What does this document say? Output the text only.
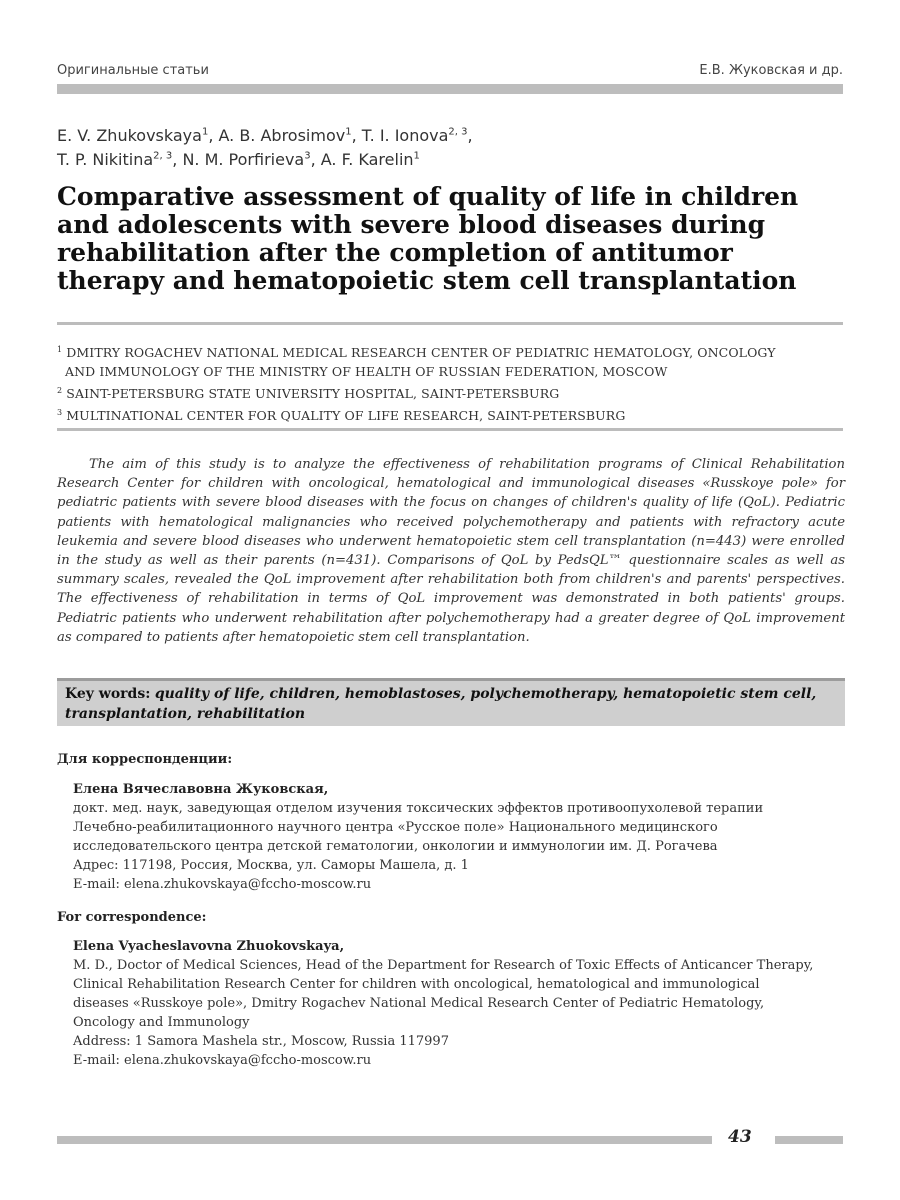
Оригинальные статьи	Е.В. Жуковская и др.
E. V. Zhukovskaya$^1$, A. B. Abrosimov$^1$, T. I. Ionova$^{2, 3}$,
T. P. Nikitina$^{2, 3}$, N. M. Porfirieva$^3$, A. F. Karelin$^1$
Comparative assessment of quality of life in children and adolescents with severe blood diseases during rehabilitation after the completion of antitumor therapy and hematopoietic stem cell transplantation
$^1$ DMITRY ROGACHEV NATIONAL MEDICAL RESEARCH CENTER OF PEDIATRIC HEMATOLOGY, ONCOLOGY
AND IMMUNOLOGY OF THE MINISTRY OF HEALTH OF RUSSIAN FEDERATION, MOSCOW
$^2$ SAINT-PETERSBURG STATE UNIVERSITY HOSPITAL, SAINT-PETERSBURG
$^3$ MULTINATIONAL CENTER FOR QUALITY OF LIFE RESEARCH, SAINT-PETERSBURG

The aim of this study is to analyze the effectiveness of rehabilitation programs of Clinical Rehabilitation Research Center for children with oncological, hematological and immunological diseases «Russkoye pole» for pediatric patients with severe blood diseases with the focus on changes of children's quality of life (QoL). Pediatric patients with hematological malignancies who received polychemotherapy and patients with refractory acute leukemia and severe blood diseases who underwent hematopoietic stem cell transplantation (n=443) were enrolled in the study as well as their parents (n=431). Comparisons of QoL by PedsQL™ questionnaire scales as well as summary scales, revealed the QoL improvement after rehabilitation both from children's and parents' perspectives. The effectiveness of rehabilitation in terms of QoL improvement was demonstrated in both patients' groups. Pediatric patients who underwent rehabilitation after polychemotherapy had a greater degree of QoL improvement as compared to patients after hematopoietic stem cell transplantation.

Key words: quality of life, children, hemoblastoses, polychemotherapy, hematopoietic stem cell, transplantation, rehabilitation
Для корреспонденции:
Елена Вячеславовна Жуковская,
докт. мед. наук, заведующая отделом изучения токсических эффектов противоопухолевой терапии
Лечебно-реабилитационного научного центра «Русское поле» Национального медицинского
исследовательского центра детской гематологии, онкологии и иммунологии им. Д. Рогачева
Адрес: 117198, Россия, Москва, ул. Саморы Машела, д. 1
E-mail: elena.zhukovskaya@fccho-moscow.ru
For correspondence:
Elena Vyacheslavovna Zhuokovskaya,
M. D., Doctor of Medical Sciences, Head of the Department for Research of Toxic Effects of Anticancer Therapy,
Clinical Rehabilitation Research Center for children with oncological, hematological and immunological
diseases «Russkoye pole», Dmitry Rogachev National Medical Research Center of Pediatric Hematology,
Oncology and Immunology
Address: 1 Samora Mashela str., Moscow, Russia 117997
E-mail: elena.zhukovskaya@fccho-moscow.ru
43
